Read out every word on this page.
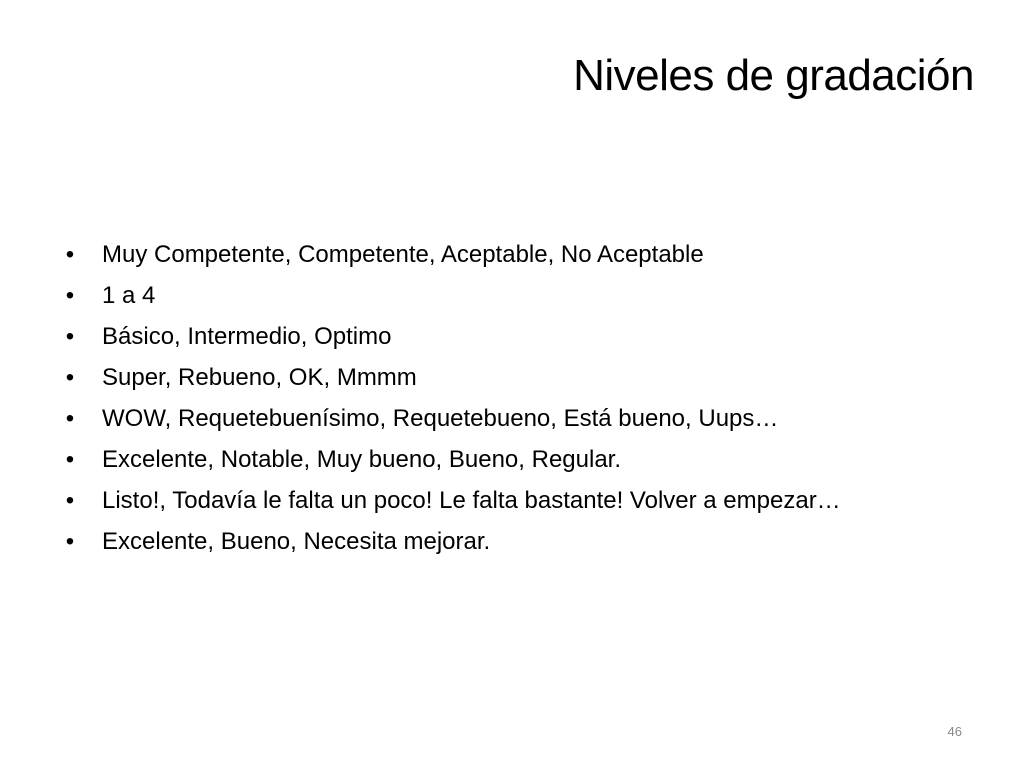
Niveles de gradación
• Muy Competente, Competente, Aceptable, No Aceptable
• 1 a 4
• Básico, Intermedio, Optimo
• Super, Rebueno, OK, Mmmm
• WOW, Requetebuenísimo, Requetebueno, Está bueno, Uups…
• Excelente, Notable, Muy bueno, Bueno, Regular.
• Listo!, Todavía le falta un poco! Le falta bastante! Volver a empezar…
• Excelente, Bueno, Necesita mejorar.
46
